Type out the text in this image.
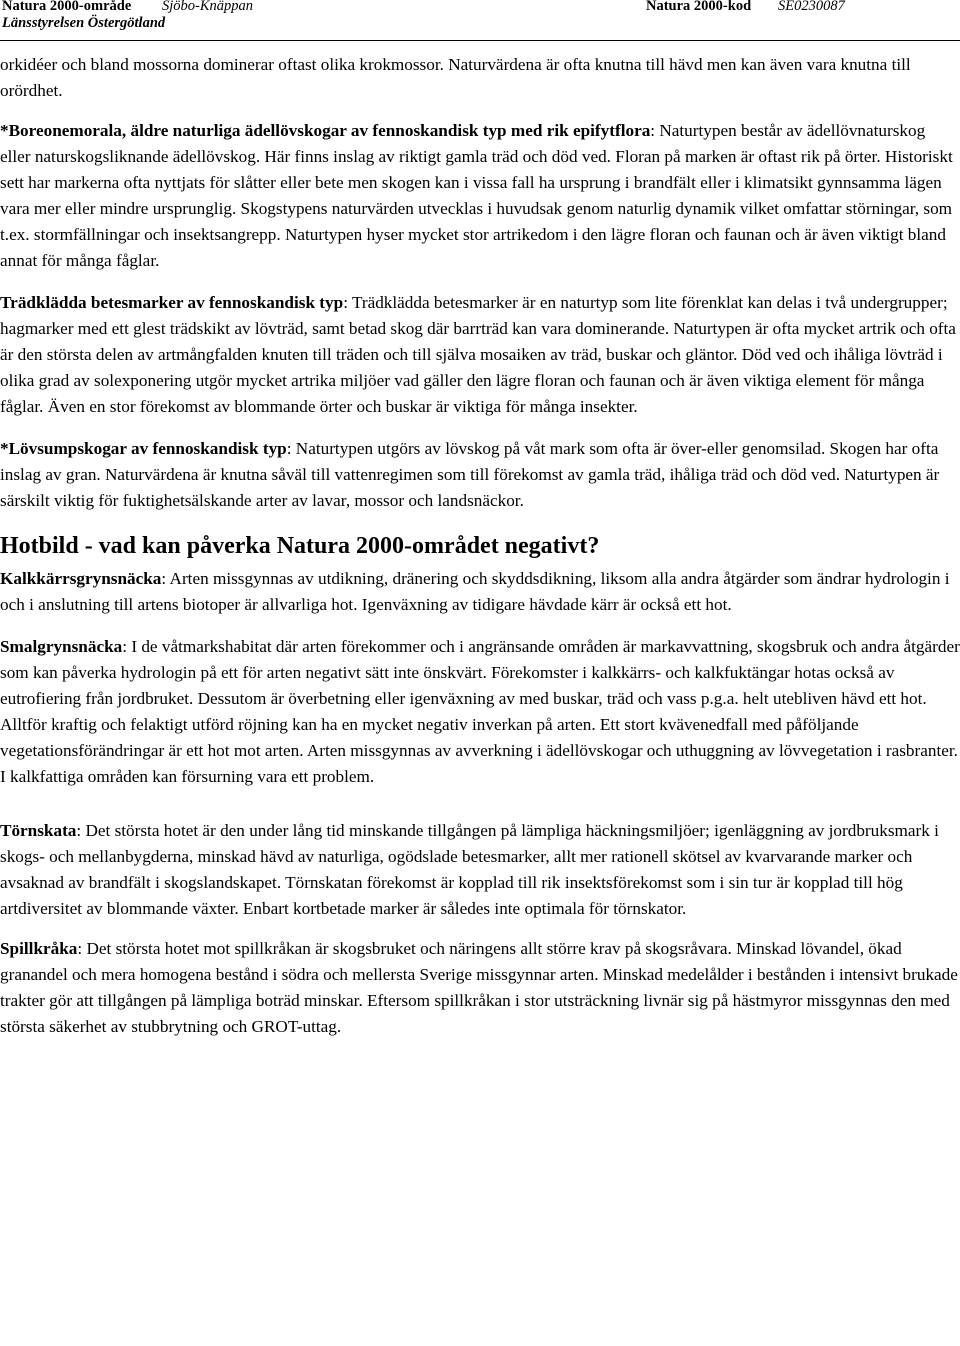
Natura 2000-område Sjöbo-Knäppan	Natura 2000-kod SE0230087
Länsstyrelsen Östergötland

orkidéer och bland mossorna dominerar oftast olika krokmossor. Naturvärdena är ofta knutna till hävd men kan även vara knutna till orördhet.

*Boreonemorala, äldre naturliga ädellövskogar av fennoskandisk typ med rik epifytflora: Naturtypen består av ädellövnaturskog eller naturskogsliknande ädellövskog. Här finns inslag av riktigt gamla träd och död ved. Floran på marken är oftast rik på örter. Historiskt sett har markerna ofta nyttjats för slåtter eller bete men skogen kan i vissa fall ha ursprung i brandfält eller i klimatsikt gynnsamma lägen vara mer eller mindre ursprunglig. Skogstypens naturvärden utvecklas i huvudsak genom naturlig dynamik vilket omfattar störningar, som t.ex. stormfällningar och insektsangrepp. Naturtypen hyser mycket stor artrikedom i den lägre floran och faunan och är även viktigt bland annat för många fåglar.

Trädklädda betesmarker av fennoskandisk typ: Trädklädda betesmarker är en naturtyp som lite förenklat kan delas i två undergrupper; hagmarker med ett glest trädskikt av lövträd, samt betad skog där barrträd kan vara dominerande. Naturtypen är ofta mycket artrik och ofta är den största delen av artmångfalden knuten till träden och till själva mosaiken av träd, buskar och gläntor. Död ved och ihåliga lövträd i olika grad av solexponering utgör mycket artrika miljöer vad gäller den lägre floran och faunan och är även viktiga element för många fåglar. Även en stor förekomst av blommande örter och buskar är viktiga för många insekter.

*Lövsumpskogar av fennoskandisk typ: Naturtypen utgörs av lövskog på våt mark som ofta är över-eller genomsilad. Skogen har ofta inslag av gran. Naturvärdena är knutna såväl till vattenregimen som till förekomst av gamla träd, ihåliga träd och död ved. Naturtypen är särskilt viktig för fuktighetsälskande arter av lavar, mossor och landsnäckor.

Hotbild - vad kan påverka Natura 2000-området negativt?

Kalkkärrsgrynsnäcka: Arten missgynnas av utdikning, dränering och skyddsdikning, liksom alla andra åtgärder som ändrar hydrologin i och i anslutning till artens biotoper är allvarliga hot. Igenväxning av tidigare hävdade kärr är också ett hot.

Smalgrynsnäcka: I de våtmarkshabitat där arten förekommer och i angränsande områden är markavvattning, skogsbruk och andra åtgärder som kan påverka hydrologin på ett för arten negativt sätt inte önskvärt. Förekomster i kalkkärrs- och kalkfuktängar hotas också av eutrofiering från jordbruket. Dessutom är överbetning eller igenväxning av med buskar, träd och vass p.g.a. helt utebliven hävd ett hot. Alltför kraftig och felaktigt utförd röjning kan ha en mycket negativ inverkan på arten. Ett stort kvävenedfall med påföljande vegetationsförändringar är ett hot mot arten. Arten missgynnas av avverkning i ädellövskogar och uthuggning av lövvegetation i rasbranter. I kalkfattiga områden kan försurning vara ett problem.

Törnskata: Det största hotet är den under lång tid minskande tillgången på lämpliga häckningsmiljöer; igenläggning av jordbruksmark i skogs- och mellanbygderna, minskad hävd av naturliga, ogödslade betesmarker, allt mer rationell skötsel av kvarvarande marker och avsaknad av brandfält i skogslandskapet. Törnskatan förekomst är kopplad till rik insektsförekomst som i sin tur är kopplad till hög artdiversitet av blommande växter. Enbart kortbetade marker är således inte optimala för törnskator.

Spillkråka: Det största hotet mot spillkråkan är skogsbruket och näringens allt större krav på skogsråvara. Minskad lövandel, ökad granandel och mera homogena bestånd i södra och mellersta Sverige missgynnar arten. Minskad medelålder i bestånden i intensivt brukade trakter gör att tillgången på lämpliga boträd minskar. Eftersom spillkråkan i stor utsträckning livnär sig på hästmyror missgynnas den med största säkerhet av stubbrytning och GROT-uttag.
